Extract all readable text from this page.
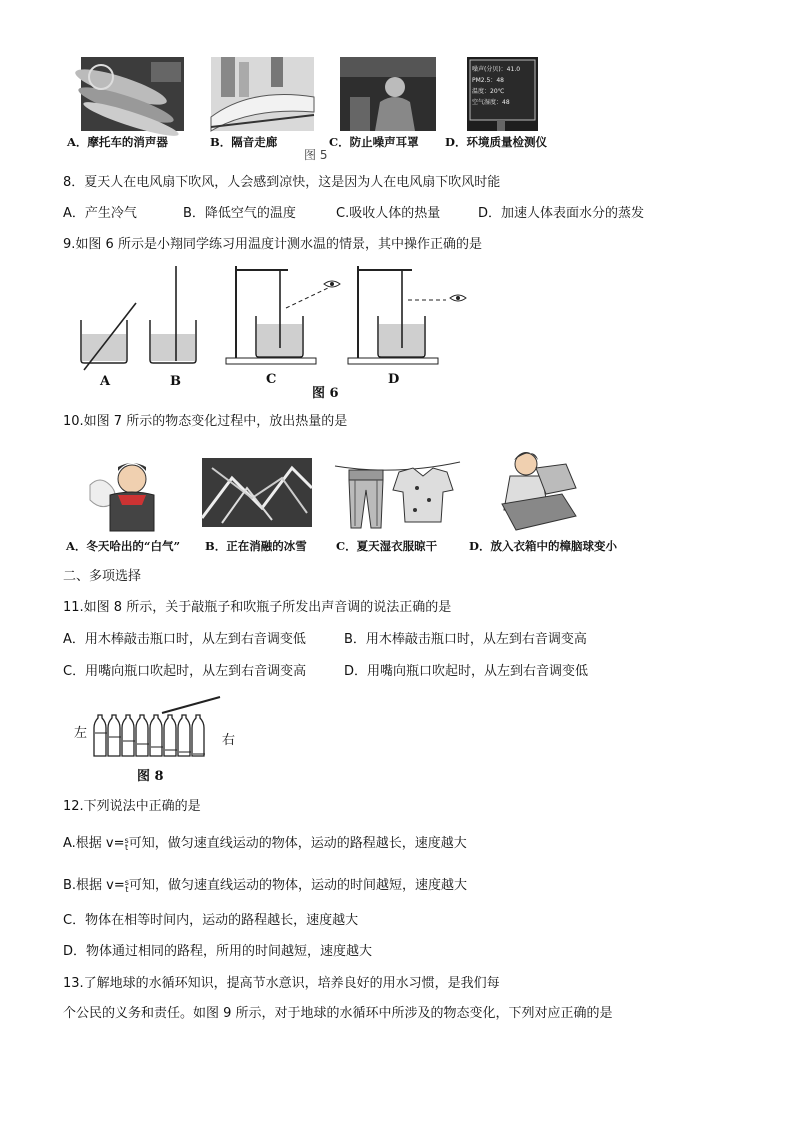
噪声(分贝)：41.0
PM2.5：48
温度：20℃
空气湿度：48
A．摩托车的消声器	B．隔音走廊	C．防止噪声耳罩 D．环境质量检测仪
图 5
8．夏天人在电风扇下吹风，人会感到凉快，这是因为人在电风扇下吹风时能
A．产生冷气	B．降低空气的温度	C.吸收人体的热量	D．加速人体表面水分的蒸发
9.如图 6 所示是小翔同学练习用温度计测水温的情景，其中操作正确的是
A	B	C	D
图 6
10.如图 7 所示的物态变化过程中，放出热量的是
A．冬天哈出的“白气” B．正在消融的冰雪	C．夏天湿衣服晾干	D．放入衣箱中的樟脑球变小
二、多项选择
11.如图 8 所示，关于敲瓶子和吹瓶子所发出声音调的说法正确的是
A．用木棒敲击瓶口时，从左到右音调变低	B．用木棒敲击瓶口时，从左到右音调变高
C．用嘴向瓶口吹起时，从左到右音调变高	D．用嘴向瓶口吹起时，从左到右音调变低
左	右
图 8
12.下列说法中正确的是
A.根据 v= s
t 可知，做匀速直线运动的物体，运动的路程越长，速度越大
B.根据 v= s
t 可知，做匀速直线运动的物体，运动的时间越短，速度越大
C．物体在相等时间内，运动的路程越长，速度越大
D．物体通过相同的路程，所用的时间越短，速度越大
13.了解地球的水循环知识，提高节水意识，培养良好的用水习惯，是我们每
个公民的义务和责任。如图 9 所示，对于地球的水循环中所涉及的物态变化，下列对应正确的是
